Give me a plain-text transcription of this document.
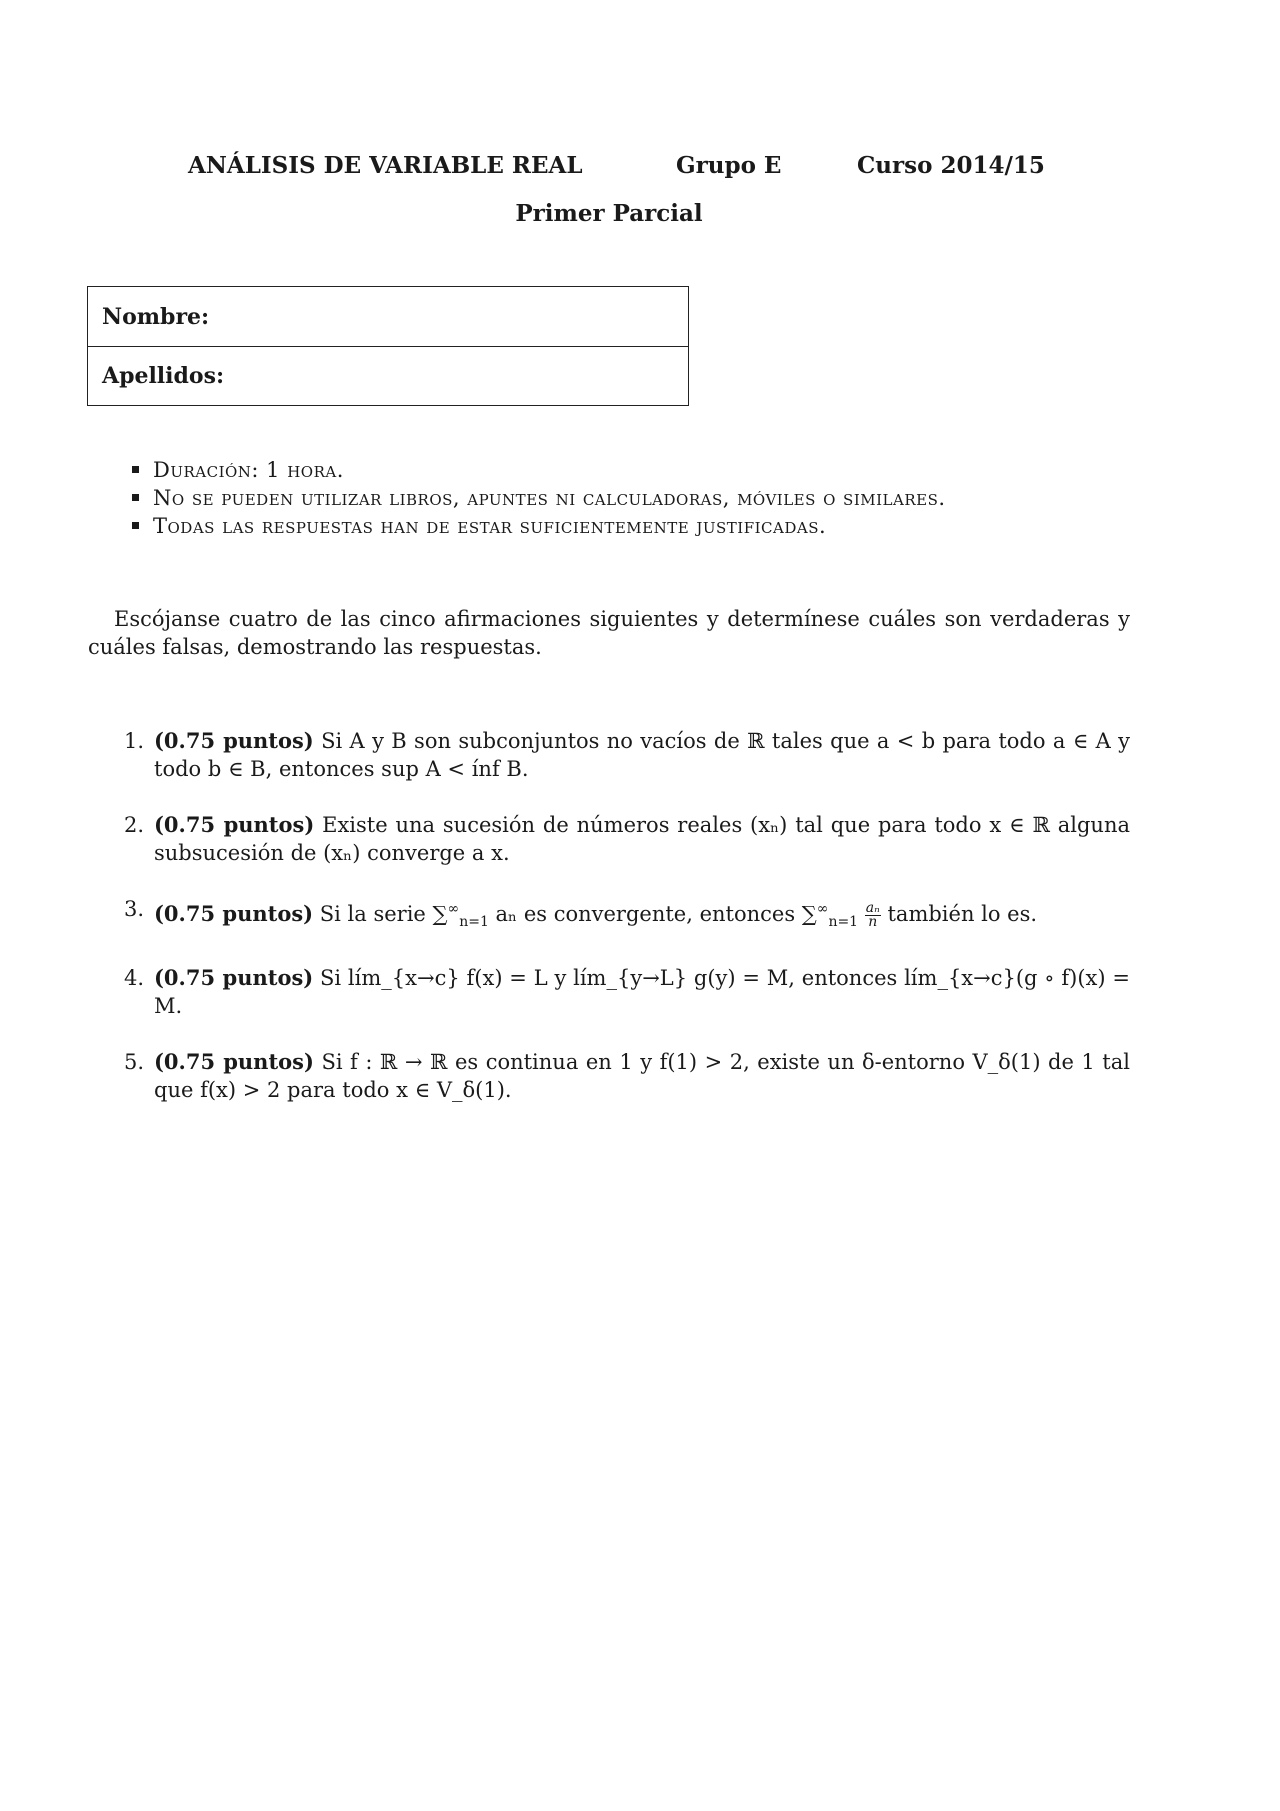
ANÁLISIS DE VARIABLE REAL	Grupo E	Curso 2014/15
Primer Parcial
Nombre:
Apellidos:
Duración: 1 hora.
No se pueden utilizar libros, apuntes ni calculadoras, móviles o similares.
Todas las respuestas han de estar suficientemente justificadas.
Escójanse cuatro de las cinco afirmaciones siguientes y determínese cuáles son verdaderas y cuáles falsas, demostrando las respuestas.
1. (0.75 puntos) Si A y B son subconjuntos no vacíos de ℝ tales que a < b para todo a ∈ A y todo b ∈ B, entonces sup A < ínf B.
2. (0.75 puntos) Existe una sucesión de números reales (xₙ) tal que para todo x ∈ ℝ alguna subsucesión de (xₙ) converge a x.
3. (0.75 puntos) Si la serie $\sum^\infty_{n=1}$ aₙ es convergente, entonces $\sum^\infty_{n=1} \frac{\text{aₙ}}{n}$ también lo es.
4. (0.75 puntos) Si lím_{x→c} f(x) = L y lím_{y→L} g(y) = M, entonces lím_{x→c}(g ∘ f)(x) = M.
5. (0.75 puntos) Si f : ℝ → ℝ es continua en 1 y f(1) > 2, existe un δ-entorno V_δ(1) de 1 tal que f(x) > 2 para todo x ∈ V_δ(1).
